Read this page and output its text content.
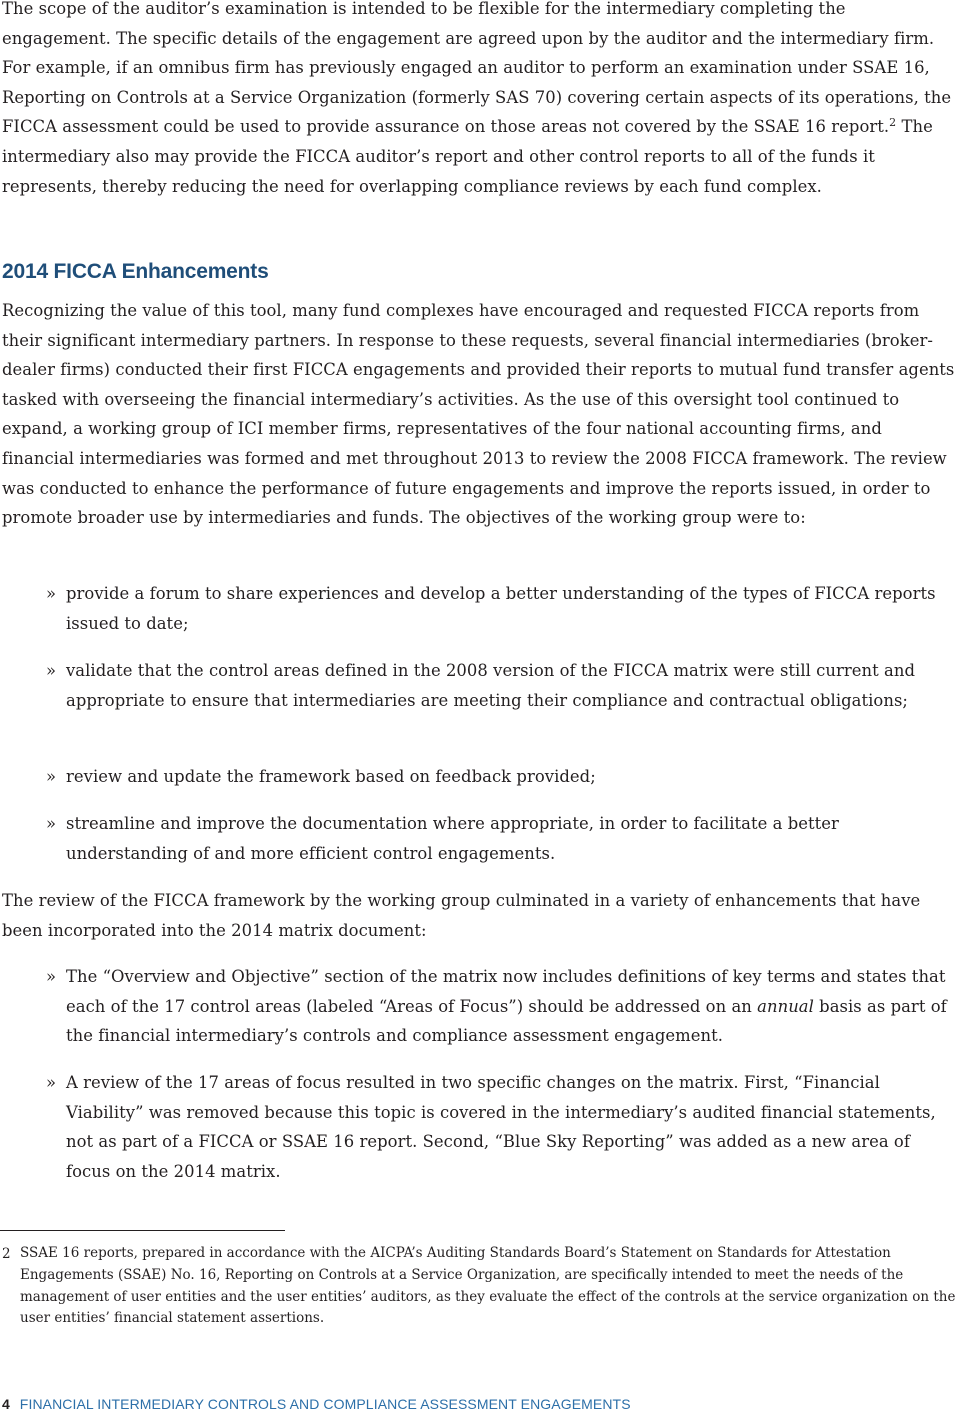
The scope of the auditor’s examination is intended to be flexible for the intermediary completing the engagement. The specific details of the engagement are agreed upon by the auditor and the intermediary firm. For example, if an omnibus firm has previously engaged an auditor to perform an examination under SSAE 16, Reporting on Controls at a Service Organization (formerly SAS 70) covering certain aspects of its operations, the FICCA assessment could be used to provide assurance on those areas not covered by the SSAE 16 report.$^2$ The intermediary also may provide the FICCA auditor’s report and other control reports to all of the funds it represents, thereby reducing the need for overlapping compliance reviews by each fund complex.

2014 FICCA Enhancements

Recognizing the value of this tool, many fund complexes have encouraged and requested FICCA reports from their significant intermediary partners. In response to these requests, several financial intermediaries (broker-dealer firms) conducted their first FICCA engagements and provided their reports to mutual fund transfer agents tasked with overseeing the financial intermediary’s activities. As the use of this oversight tool continued to expand, a working group of ICI member firms, representatives of the four national accounting firms, and financial intermediaries was formed and met throughout 2013 to review the 2008 FICCA framework. The review was conducted to enhance the performance of future engagements and improve the reports issued, in order to promote broader use by intermediaries and funds. The objectives of the working group were to:

» provide a forum to share experiences and develop a better understanding of the types of FICCA reports issued to date;

» validate that the control areas defined in the 2008 version of the FICCA matrix were still current and appropriate to ensure that intermediaries are meeting their compliance and contractual obligations;

» review and update the framework based on feedback provided;

» streamline and improve the documentation where appropriate, in order to facilitate a better understanding of and more efficient control engagements.

The review of the FICCA framework by the working group culminated in a variety of enhancements that have been incorporated into the 2014 matrix document:

» The “Overview and Objective” section of the matrix now includes definitions of key terms and states that each of the 17 control areas (labeled “Areas of Focus”) should be addressed on an annual basis as part of the financial intermediary’s controls and compliance assessment engagement.

» A review of the 17 areas of focus resulted in two specific changes on the matrix. First, “Financial Viability” was removed because this topic is covered in the intermediary’s audited financial statements, not as part of a FICCA or SSAE 16 report. Second, “Blue Sky Reporting” was added as a new area of focus on the 2014 matrix.

2 SSAE 16 reports, prepared in accordance with the AICPA’s Auditing Standards Board’s Statement on Standards for Attestation Engagements (SSAE) No. 16, Reporting on Controls at a Service Organization, are specifically intended to meet the needs of the management of user entities and the user entities’ auditors, as they evaluate the effect of the controls at the service organization on the user entities’ financial statement assertions.

4 FINANCIAL INTERMEDIARY CONTROLS AND COMPLIANCE ASSESSMENT ENGAGEMENTS
